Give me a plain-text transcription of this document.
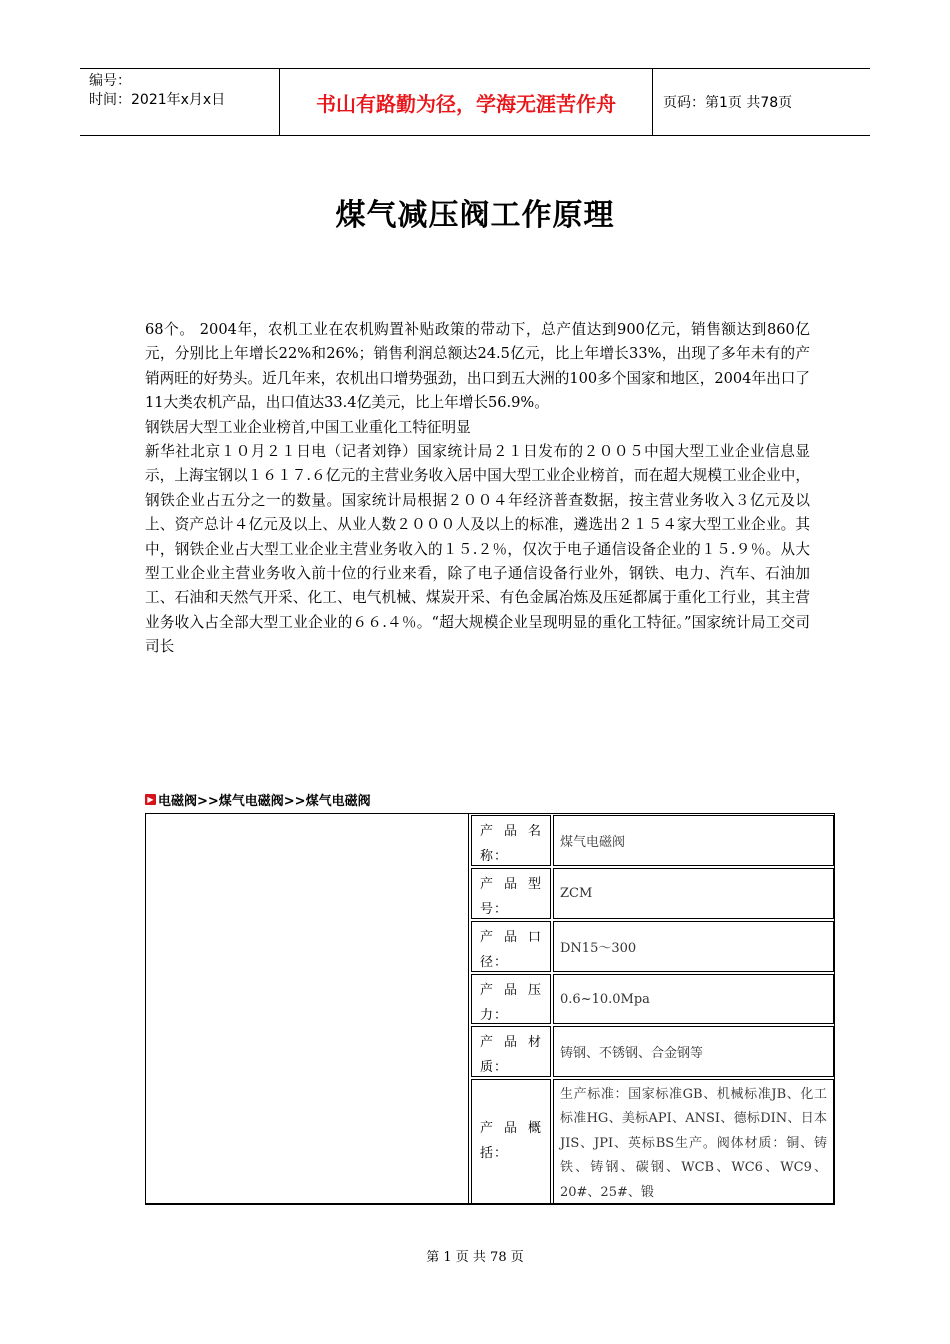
编号：
时间：2021年x月x日	书山有路勤为径，学海无涯苦作舟	页码：第1页 共78页
煤气减压阀工作原理

68个。 2004年，农机工业在农机购置补贴政策的带动下，总产值达到900亿元，销售额达到860亿元，分别比上年增长22%和26%；销售利润总额达24.5亿元，比上年增长33%，出现了多年未有的产销两旺的好势头。近几年来，农机出口增势强劲，出口到五大洲的100多个国家和地区，2004年出口了11大类农机产品，出口值达33.4亿美元，比上年增长56.9%。

钢铁居大型工业企业榜首,中国工业重化工特征明显

新华社北京１０月２１日电（记者刘铮）国家统计局２１日发布的２００５中国大型工业企业信息显示，上海宝钢以１６１７.６亿元的主营业务收入居中国大型工业企业榜首，而在超大规模工业企业中，钢铁企业占五分之一的数量。国家统计局根据２００４年经济普查数据，按主营业务收入３亿元及以上、资产总计４亿元及以上、从业人数２０００人及以上的标准，遴选出２１５４家大型工业企业。其中，钢铁企业占大型工业企业主营业务收入的１５.２％，仅次于电子通信设备企业的１５.９％。从大型工业企业主营业务收入前十位的行业来看，除了电子通信设备行业外，钢铁、电力、汽车、石油加工、石油和天然气开采、化工、电气机械、煤炭开采、有色金属冶炼及压延都属于重化工行业，其主营业务收入占全部大型工业企业的６６.４％。“超大规模企业呈现明显的重化工特征。”国家统计局工交司司长

▶ 电磁阀>>煤气电磁阀>>煤气电磁阀
产品名称：
煤气电磁阀
产品型号：
ZCM
产品口径：
DN15～300
产品压力：
0.6~10.0Mpa
产品材质：
铸钢、不锈钢、合金钢等
产品概括：
生产标准：国家标准GB、机械标准JB、化工标准HG、美标API、ANSI、德标DIN、日本JIS、JPI、英标BS生产。阀体材质：铜、铸铁、铸钢、碳钢、WCB、WC6、WC9、20#、25#、锻
第 1 页 共 78 页
